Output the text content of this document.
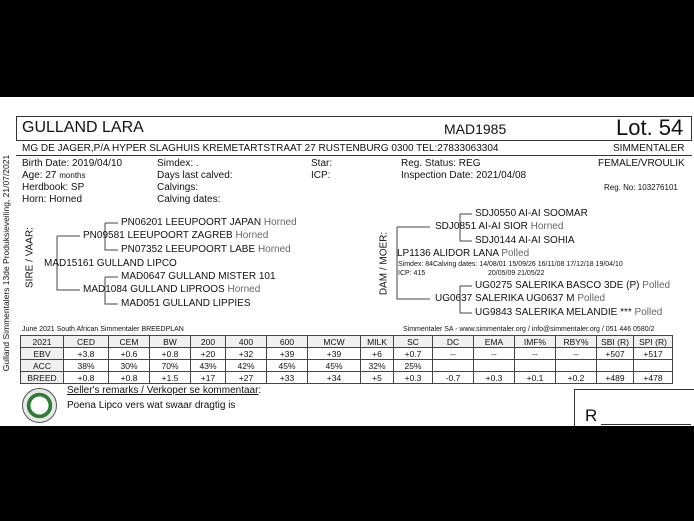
Gulland Simmentalers 13de Produksieveiling, 21/07/2021
GULLAND LARA	MAD1985	Lot. 54
MG DE JAGER,P/A HYPER SLAGHUIS KREMETARTSTRAAT 27 RUSTENBURG 0300 TEL:27833063304	SIMMENTALER
Birth Date: 2019/04/10	Simdex: .	Star:	Reg. Status: REG	FEMALE/VROULIK
Age: 27 months	Days last calved:	ICP:	Inspection Date: 2021/04/08
Herdbook: SP	Calvings:	Reg. No: 103276101
Horn: Horned	Calving dates:
SIRE / VAAR:	DAM / MOER:
PN06201 LEEUPOORT JAPAN Horned
PN09581 LEEUPOORT ZAGREB Horned
PN07352 LEEUPOORT LABE Horned
MAD15161 GULLAND LIPCO
MAD0647 GULLAND MISTER 101
MAD1084 GULLAND LIPROOS Horned
MAD051 GULLAND LIPPIES
SDJ0550 AI-AI SOOMAR
SDJ0851 AI-AI SIOR Horned
SDJ0144 AI-AI SOHIA
LP1136 ALIDOR LANA Polled
Simdex: 84
ICP: 415
Calving dates: 14/08/01 15/09/26 16/11/08 17/12/18 19/04/10
20/05/09 21/05/22
UG0275 SALERIKA BASCO 3DE (P) Polled
UG0637 SALERIKA UG0637 M Polled
UG9843 SALERIKA MELANDIE *** Polled
June 2021 South African Simmentaler BREEDPLAN	Simmentaler SA - www.simmentaler.org / info@simmentaler.org / 051 446 0580/2
2021	CED	CEM	BW	200	400	600	MCW	MILK	SC	DC	EMA	IMF%	RBY%	SBI (R)	SPI (R)
EBV	+3.8	+0.6	+0.8	+20	+32	+39	+39	+6	+0.7	--	--	--	--	+507	+517
ACC	38%	30%	70%	43%	42%	45%	45%	32%	25%						
BREED	+0.8	+0.8	+1.5	+17	+27	+33	+34	+5	+0.3	-0.7	+0.3	+0.1	+0.2	+489	+478
Seller's remarks / Verkoper se kommentaar:
Poena Lipco vers wat swaar dragtig is
R
